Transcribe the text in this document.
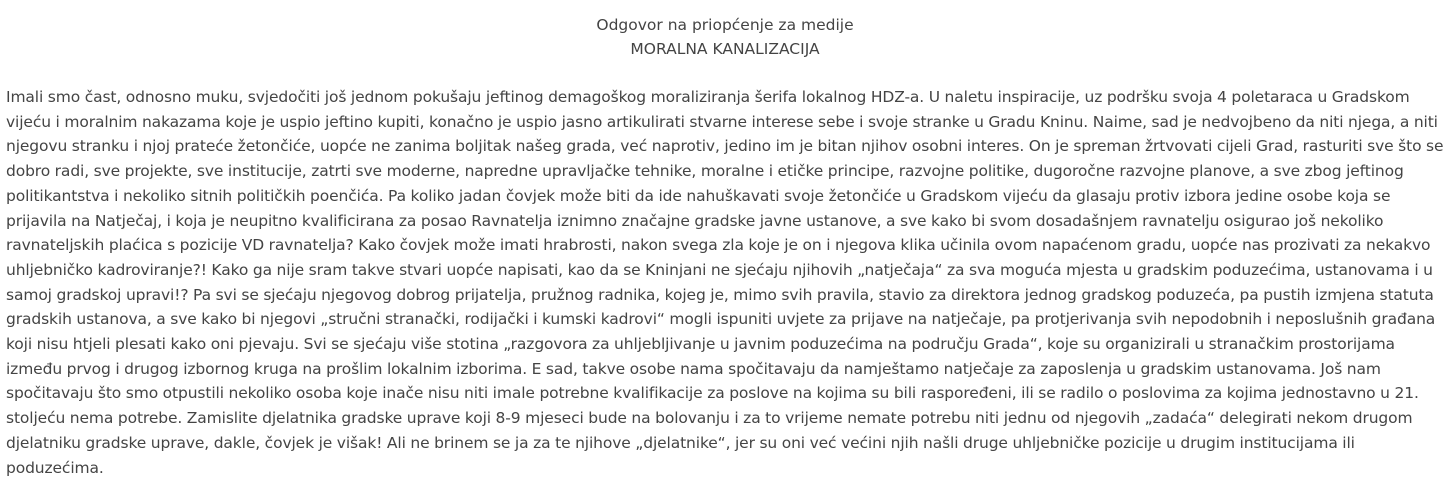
Odgovor na priopćenje za medije
MORALNA KANALIZACIJA

Imali smo čast, odnosno muku, svjedočiti još jednom pokušaju jeftinog demagoškog moraliziranja šerifa lokalnog HDZ-a. U naletu inspiracije, uz podršku svoja 4 poletaraca u Gradskom vijeću i moralnim nakazama koje je uspio jeftino kupiti, konačno je uspio jasno artikulirati stvarne interese sebe i svoje stranke u Gradu Kninu. Naime, sad je nedvojbeno da niti njega, a niti njegovu stranku i njoj prateće žetončiće, uopće ne zanima boljitak našeg grada, već naprotiv, jedino im je bitan njihov osobni interes. On je spreman žrtvovati cijeli Grad, rasturiti sve što se dobro radi, sve projekte, sve institucije, zatrti sve moderne, napredne upravljačke tehnike, moralne i etičke principe, razvojne politike, dugoročne razvojne planove, a sve zbog jeftinog politikantstva i nekoliko sitnih političkih poenčića. Pa koliko jadan čovjek može biti da ide nahuškavati svoje žetončiće u Gradskom vijeću da glasaju protiv izbora jedine osobe koja se prijavila na Natječaj, i koja je neupitno kvalificirana za posao Ravnatelja iznimno značajne gradske javne ustanove, a sve kako bi svom dosadašnjem ravnatelju osigurao još nekoliko ravnateljskih plaćica s pozicije VD ravnatelja? Kako čovjek može imati hrabrosti, nakon svega zla koje je on i njegova klika učinila ovom napaćenom gradu, uopće nas prozivati za nekakvo uhljebničko kadroviranje?! Kako ga nije sram takve stvari uopće napisati, kao da se Kninjani ne sjećaju njihovih „natječaja“ za sva moguća mjesta u gradskim poduzećima, ustanovama i u samoj gradskoj upravi!? Pa svi se sjećaju njegovog dobrog prijatelja, pružnog radnika, kojeg je, mimo svih pravila, stavio za direktora jednog gradskog poduzeća, pa pustih izmjena statuta gradskih ustanova, a sve kako bi njegovi „stručni stranački, rodijački i kumski kadrovi“ mogli ispuniti uvjete za prijave na natječaje, pa protjerivanja svih nepodobnih i neposlušnih građana koji nisu htjeli plesati kako oni pjevaju. Svi se sjećaju više stotina „razgovora za uhljebljivanje u javnim poduzećima na području Grada“, koje su organizirali u stranačkim prostorijama između prvog i drugog izbornog kruga na prošlim lokalnim izborima. E sad, takve osobe nama spočitavaju da namještamo natječaje za zaposlenja u gradskim ustanovama. Još nam spočitavaju što smo otpustili nekoliko osoba koje inače nisu niti imale potrebne kvalifikacije za poslove na kojima su bili raspoređeni, ili se radilo o poslovima za kojima jednostavno u 21. stoljeću nema potrebe. Zamislite djelatnika gradske uprave koji 8-9 mjeseci bude na bolovanju i za to vrijeme nemate potrebu niti jednu od njegovih „zadaća“ delegirati nekom drugom djelatniku gradske uprave, dakle, čovjek je višak! Ali ne brinem se ja za te njihove „djelatnike“, jer su oni već većini njih našli druge uhljebničke pozicije u drugim institucijama ili poduzećima.
